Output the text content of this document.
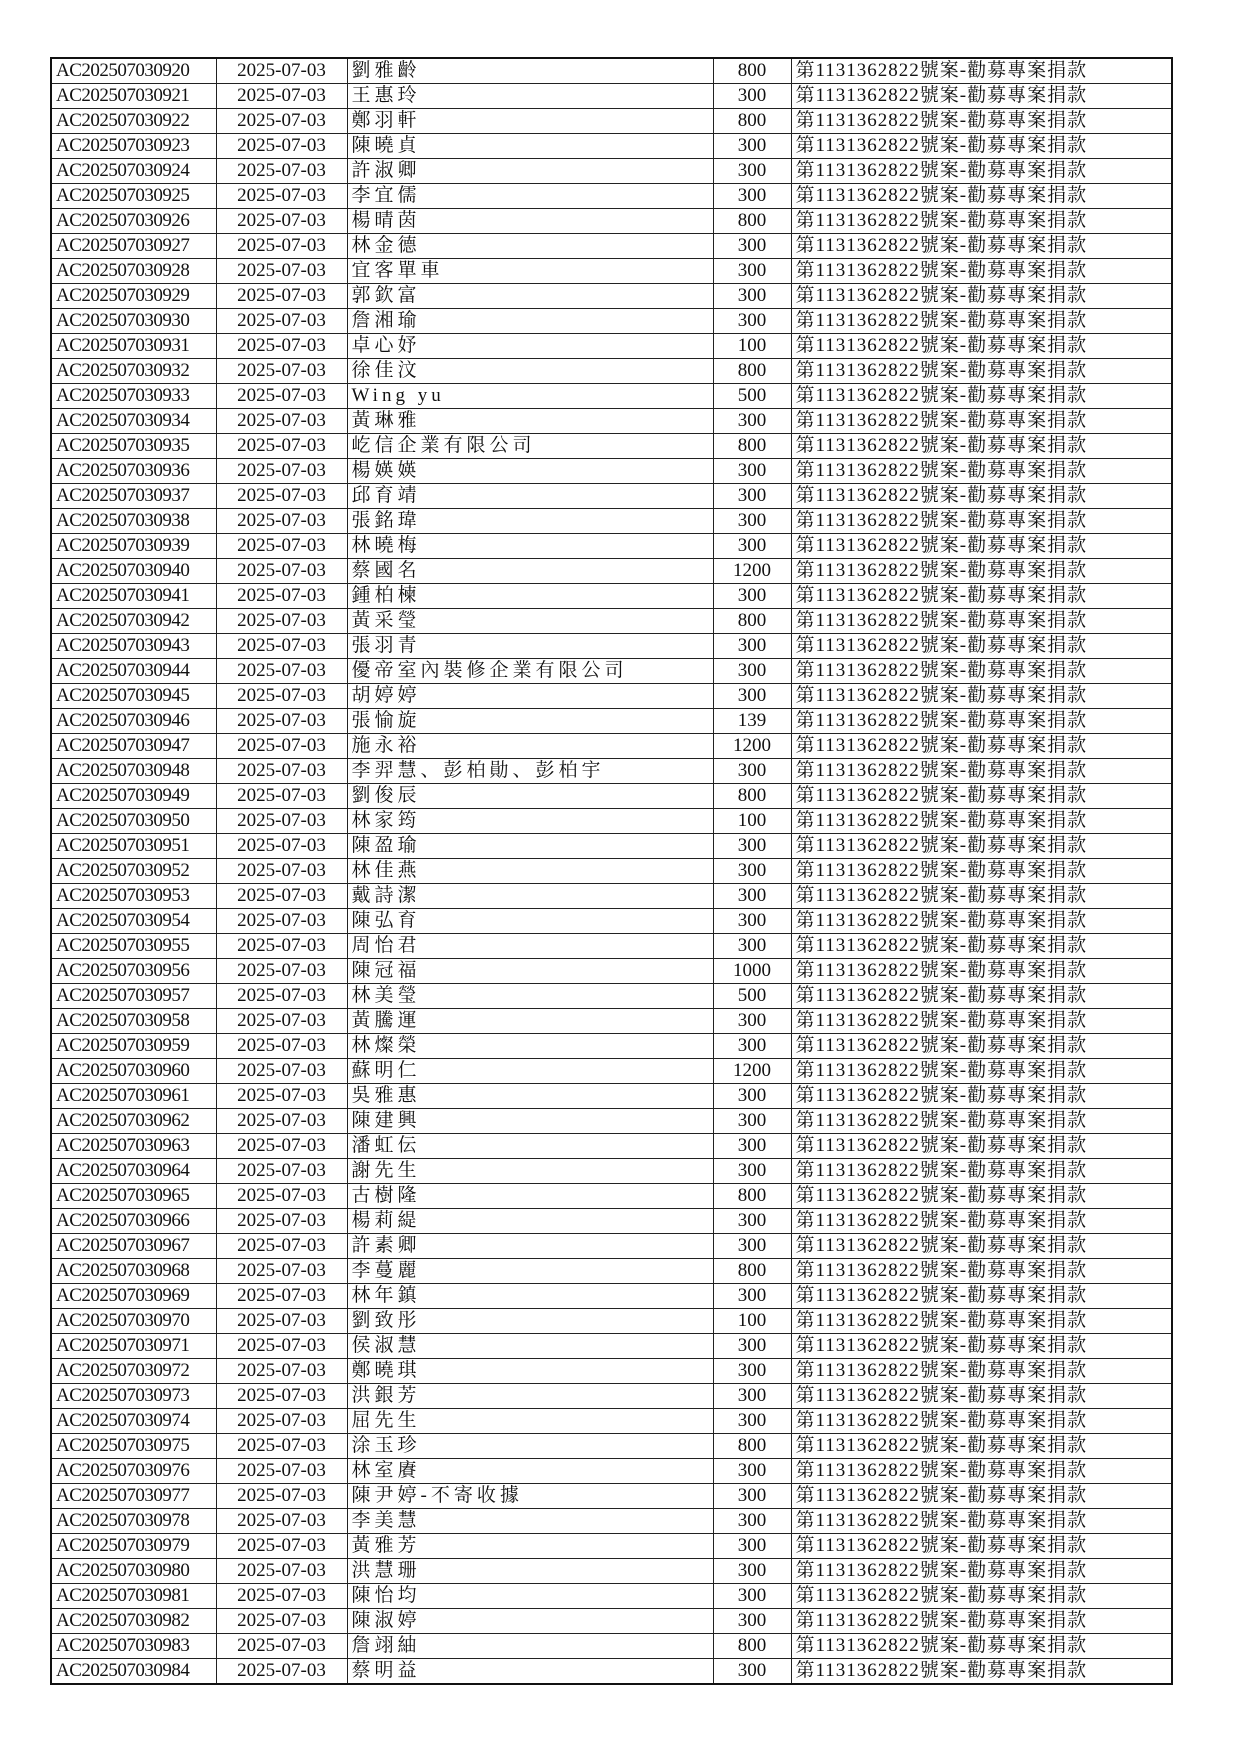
AC202507030920	2025-07-03	劉雅齡	800	第1131362822號案-勸募專案捐款
AC202507030921	2025-07-03	王惠玲	300	第1131362822號案-勸募專案捐款
AC202507030922	2025-07-03	鄭羽軒	800	第1131362822號案-勸募專案捐款
AC202507030923	2025-07-03	陳曉貞	300	第1131362822號案-勸募專案捐款
AC202507030924	2025-07-03	許淑卿	300	第1131362822號案-勸募專案捐款
AC202507030925	2025-07-03	李宜儒	300	第1131362822號案-勸募專案捐款
AC202507030926	2025-07-03	楊晴茵	800	第1131362822號案-勸募專案捐款
AC202507030927	2025-07-03	林金德	300	第1131362822號案-勸募專案捐款
AC202507030928	2025-07-03	宜客單車	300	第1131362822號案-勸募專案捐款
AC202507030929	2025-07-03	郭欽富	300	第1131362822號案-勸募專案捐款
AC202507030930	2025-07-03	詹湘瑜	300	第1131362822號案-勸募專案捐款
AC202507030931	2025-07-03	卓心妤	100	第1131362822號案-勸募專案捐款
AC202507030932	2025-07-03	徐佳汶	800	第1131362822號案-勸募專案捐款
AC202507030933	2025-07-03	Wing yu	500	第1131362822號案-勸募專案捐款
AC202507030934	2025-07-03	黃琳雅	300	第1131362822號案-勸募專案捐款
AC202507030935	2025-07-03	屹信企業有限公司	800	第1131362822號案-勸募專案捐款
AC202507030936	2025-07-03	楊媖媖	300	第1131362822號案-勸募專案捐款
AC202507030937	2025-07-03	邱育靖	300	第1131362822號案-勸募專案捐款
AC202507030938	2025-07-03	張銘瑋	300	第1131362822號案-勸募專案捐款
AC202507030939	2025-07-03	林曉梅	300	第1131362822號案-勸募專案捐款
AC202507030940	2025-07-03	蔡國名	1200	第1131362822號案-勸募專案捐款
AC202507030941	2025-07-03	鍾柏楝	300	第1131362822號案-勸募專案捐款
AC202507030942	2025-07-03	黃采瑩	800	第1131362822號案-勸募專案捐款
AC202507030943	2025-07-03	張羽青	300	第1131362822號案-勸募專案捐款
AC202507030944	2025-07-03	優帝室內裝修企業有限公司	300	第1131362822號案-勸募專案捐款
AC202507030945	2025-07-03	胡婷婷	300	第1131362822號案-勸募專案捐款
AC202507030946	2025-07-03	張愉旋	139	第1131362822號案-勸募專案捐款
AC202507030947	2025-07-03	施永裕	1200	第1131362822號案-勸募專案捐款
AC202507030948	2025-07-03	李羿慧、彭柏勛、彭柏宇	300	第1131362822號案-勸募專案捐款
AC202507030949	2025-07-03	劉俊辰	800	第1131362822號案-勸募專案捐款
AC202507030950	2025-07-03	林家筠	100	第1131362822號案-勸募專案捐款
AC202507030951	2025-07-03	陳盈瑜	300	第1131362822號案-勸募專案捐款
AC202507030952	2025-07-03	林佳燕	300	第1131362822號案-勸募專案捐款
AC202507030953	2025-07-03	戴詩潔	300	第1131362822號案-勸募專案捐款
AC202507030954	2025-07-03	陳弘育	300	第1131362822號案-勸募專案捐款
AC202507030955	2025-07-03	周怡君	300	第1131362822號案-勸募專案捐款
AC202507030956	2025-07-03	陳冠福	1000	第1131362822號案-勸募專案捐款
AC202507030957	2025-07-03	林美瑩	500	第1131362822號案-勸募專案捐款
AC202507030958	2025-07-03	黃騰運	300	第1131362822號案-勸募專案捐款
AC202507030959	2025-07-03	林燦榮	300	第1131362822號案-勸募專案捐款
AC202507030960	2025-07-03	蘇明仁	1200	第1131362822號案-勸募專案捐款
AC202507030961	2025-07-03	吳雅惠	300	第1131362822號案-勸募專案捐款
AC202507030962	2025-07-03	陳建興	300	第1131362822號案-勸募專案捐款
AC202507030963	2025-07-03	潘虹伝	300	第1131362822號案-勸募專案捐款
AC202507030964	2025-07-03	謝先生	300	第1131362822號案-勸募專案捐款
AC202507030965	2025-07-03	古樹隆	800	第1131362822號案-勸募專案捐款
AC202507030966	2025-07-03	楊莉緹	300	第1131362822號案-勸募專案捐款
AC202507030967	2025-07-03	許素卿	300	第1131362822號案-勸募專案捐款
AC202507030968	2025-07-03	李蔓麗	800	第1131362822號案-勸募專案捐款
AC202507030969	2025-07-03	林年鎮	300	第1131362822號案-勸募專案捐款
AC202507030970	2025-07-03	劉致彤	100	第1131362822號案-勸募專案捐款
AC202507030971	2025-07-03	侯淑慧	300	第1131362822號案-勸募專案捐款
AC202507030972	2025-07-03	鄭曉琪	300	第1131362822號案-勸募專案捐款
AC202507030973	2025-07-03	洪銀芳	300	第1131362822號案-勸募專案捐款
AC202507030974	2025-07-03	屈先生	300	第1131362822號案-勸募專案捐款
AC202507030975	2025-07-03	涂玉珍	800	第1131362822號案-勸募專案捐款
AC202507030976	2025-07-03	林室賡	300	第1131362822號案-勸募專案捐款
AC202507030977	2025-07-03	陳尹婷-不寄收據	300	第1131362822號案-勸募專案捐款
AC202507030978	2025-07-03	李美慧	300	第1131362822號案-勸募專案捐款
AC202507030979	2025-07-03	黃雅芳	300	第1131362822號案-勸募專案捐款
AC202507030980	2025-07-03	洪慧珊	300	第1131362822號案-勸募專案捐款
AC202507030981	2025-07-03	陳怡均	300	第1131362822號案-勸募專案捐款
AC202507030982	2025-07-03	陳淑婷	300	第1131362822號案-勸募專案捐款
AC202507030983	2025-07-03	詹翊紬	800	第1131362822號案-勸募專案捐款
AC202507030984	2025-07-03	蔡明益	300	第1131362822號案-勸募專案捐款
